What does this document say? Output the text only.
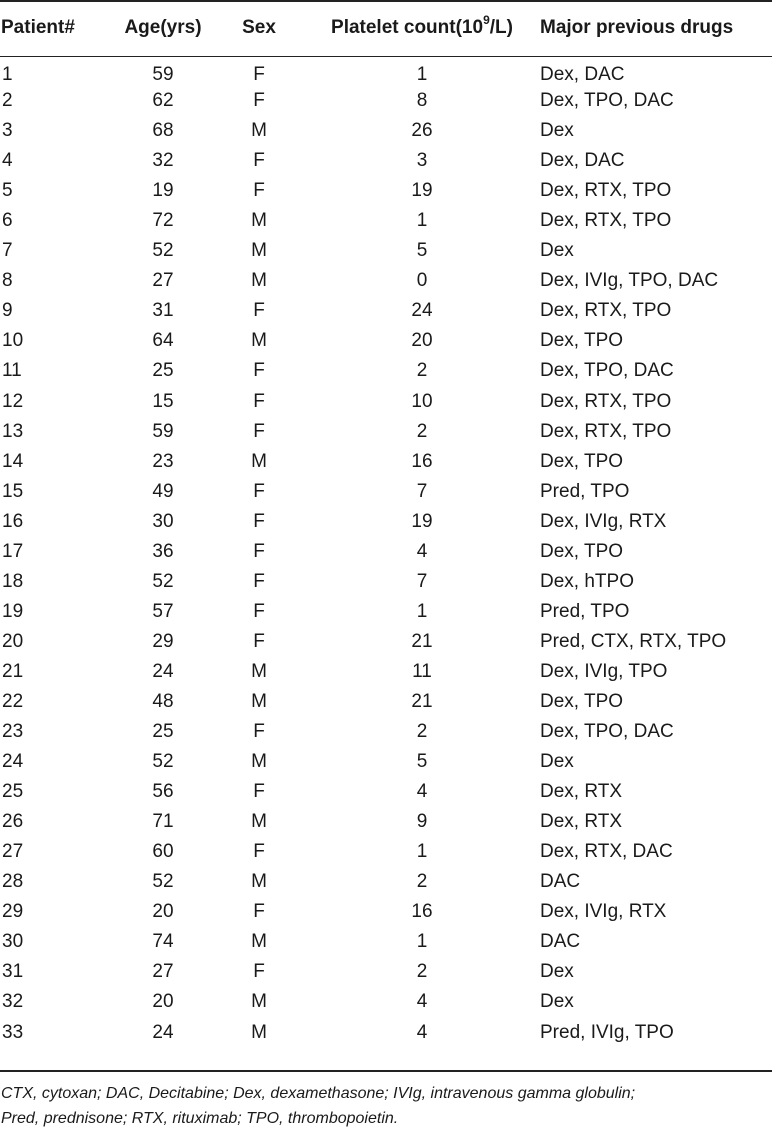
Patient#	Age(yrs)	Sex	Platelet $count(10^9/L)$	Major previous drugs
1	59	F	1	Dex, DAC
2	62	F	8	Dex, TPO, DAC
3	68	M	26	Dex
4	32	F	3	Dex, DAC
5	19	F	19	Dex, RTX, TPO
6	72	M	1	Dex, RTX, TPO
7	52	M	5	Dex
8	27	M	0	Dex, IVIg, TPO, DAC
9	31	F	24	Dex, RTX, TPO
10	64	M	20	Dex, TPO
11	25	F	2	Dex, TPO, DAC
12	15	F	10	Dex, RTX, TPO
13	59	F	2	Dex, RTX, TPO
14	23	M	16	Dex, TPO
15	49	F	7	Pred, TPO
16	30	F	19	Dex, IVIg, RTX
17	36	F	4	Dex, TPO
18	52	F	7	Dex, hTPO
19	57	F	1	Pred, TPO
20	29	F	21	Pred, CTX, RTX, TPO
21	24	M	11	Dex, IVIg, TPO
22	48	M	21	Dex, TPO
23	25	F	2	Dex, TPO, DAC
24	52	M	5	Dex
25	56	F	4	Dex, RTX
26	71	M	9	Dex, RTX
27	60	F	1	Dex, RTX, DAC
28	52	M	2	DAC
29	20	F	16	Dex, IVIg, RTX
30	74	M	1	DAC
31	27	F	2	Dex
32	20	M	4	Dex
33	24	M	4	Pred, IVIg, TPO

CTX, cytoxan; DAC, Decitabine; Dex, dexamethasone; IVIg, intravenous gamma globulin;

Pred, prednisone; RTX, rituximab; TPO, thrombopoietin.
